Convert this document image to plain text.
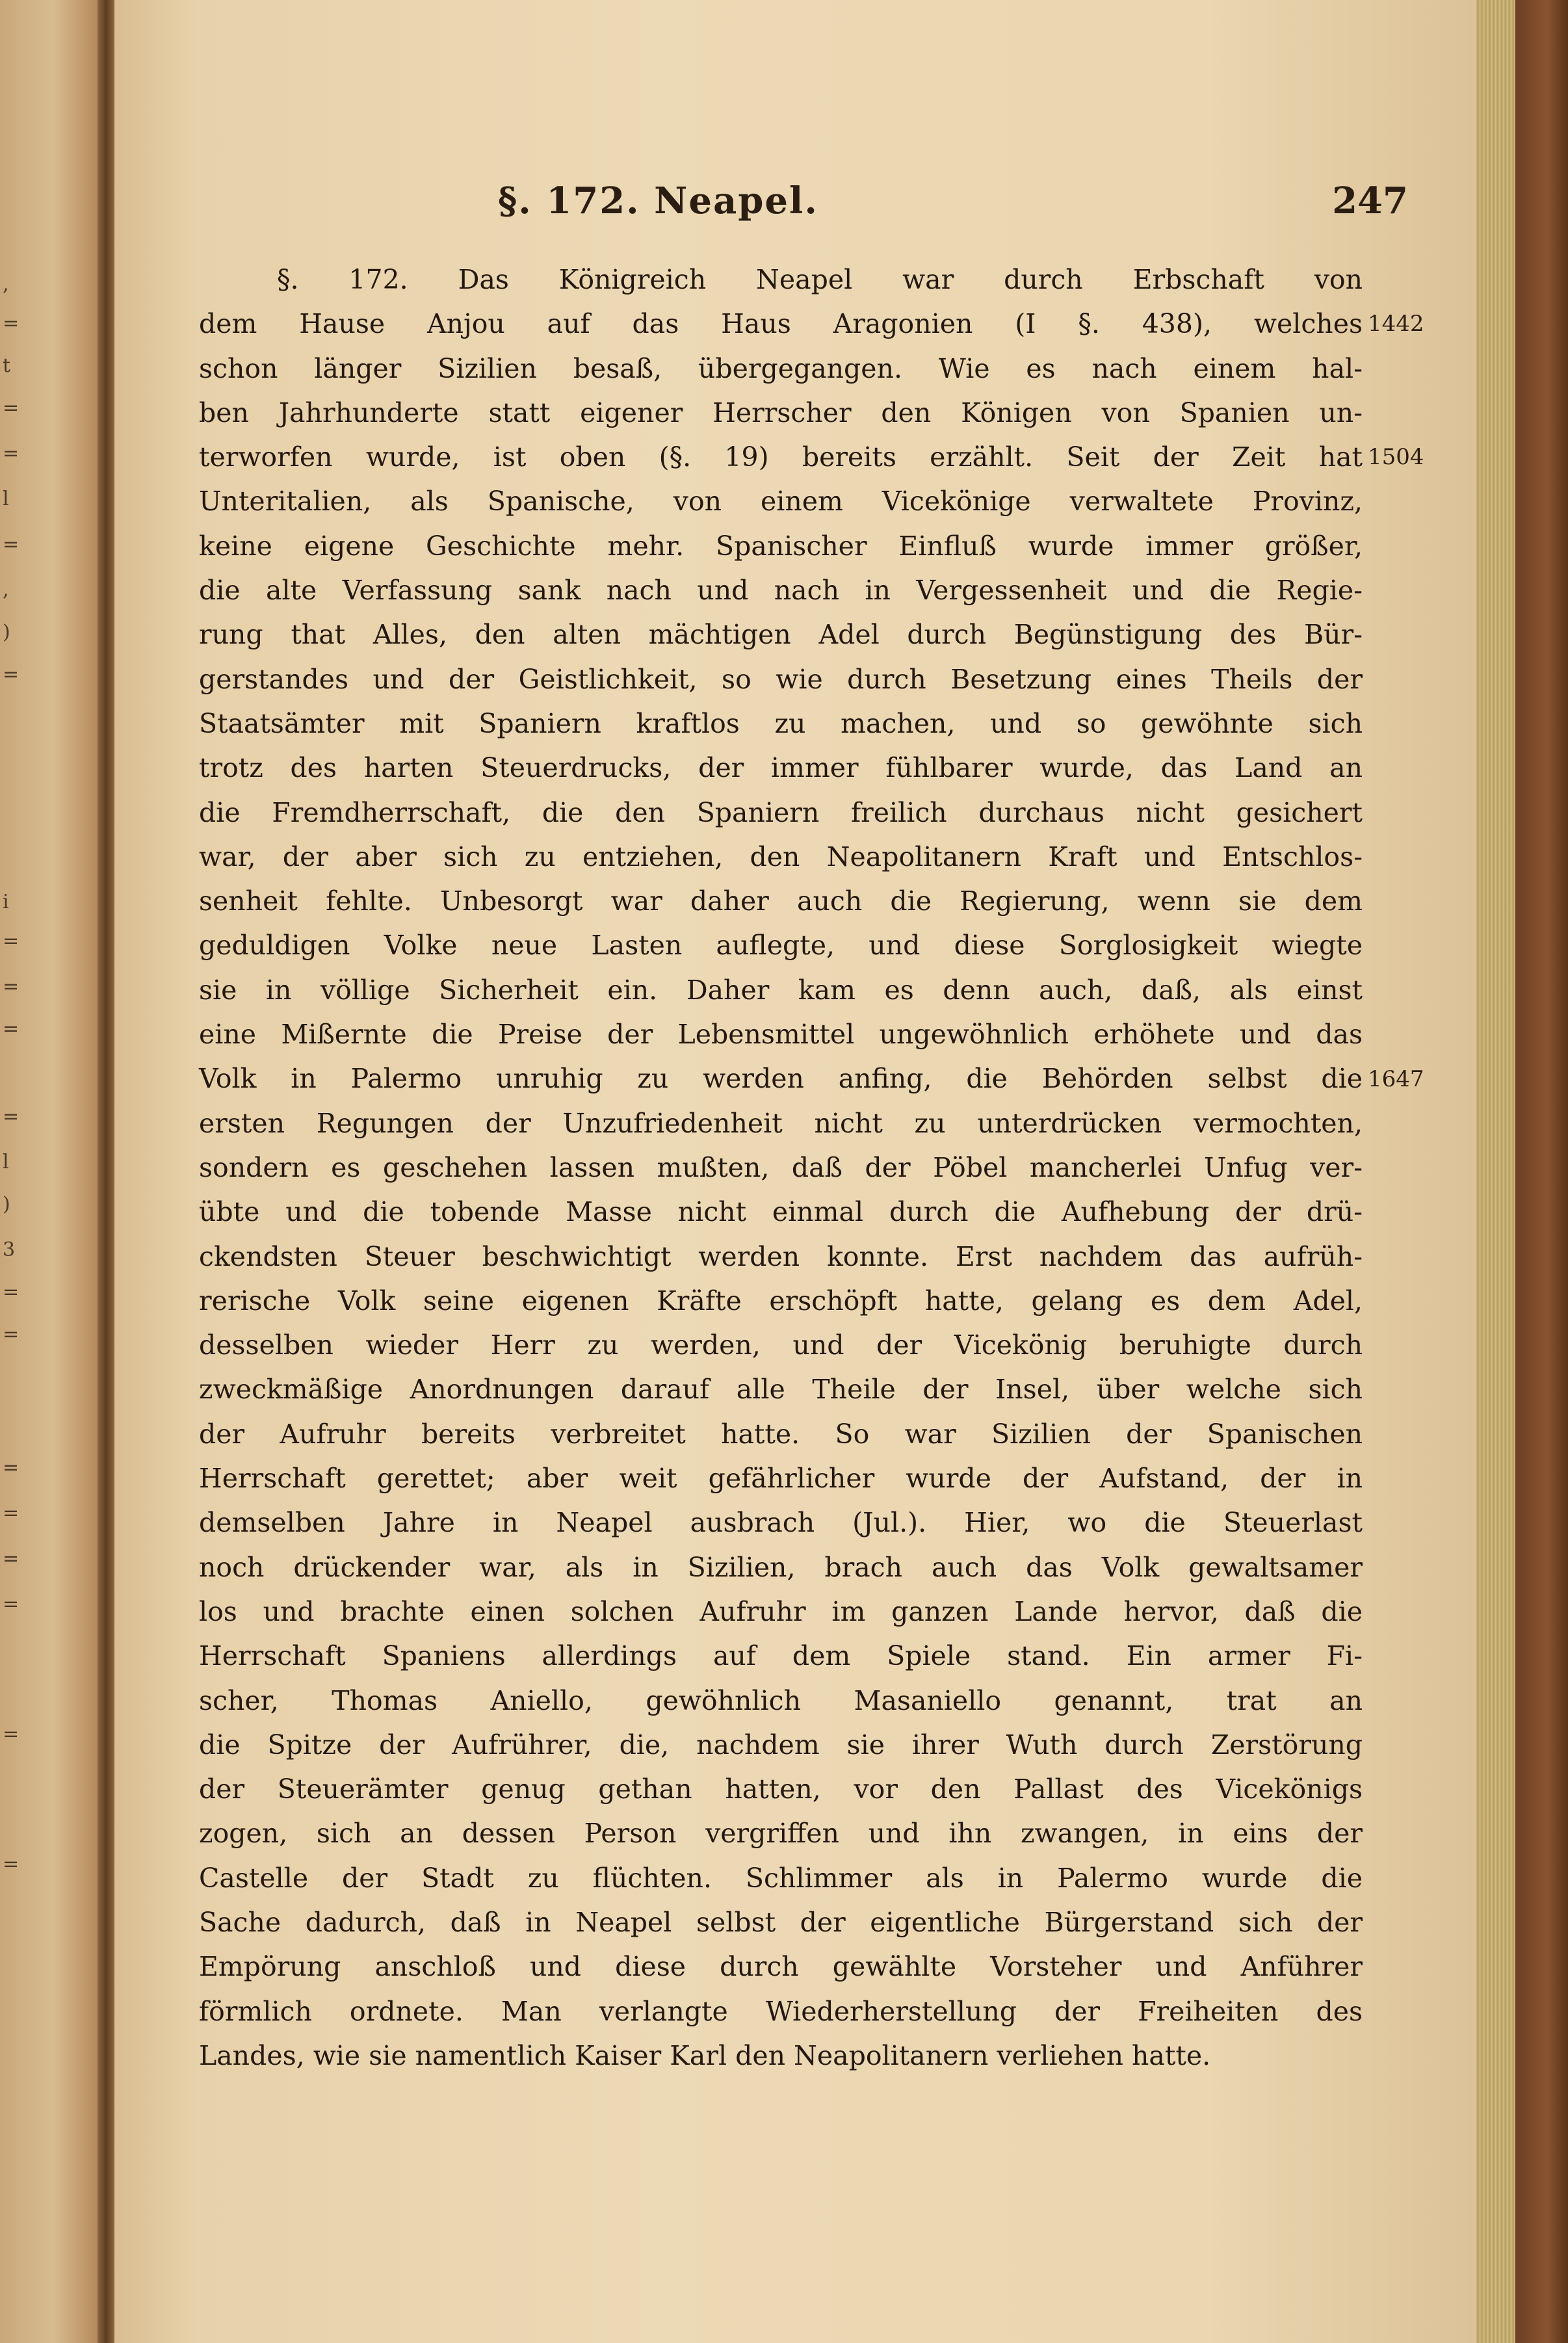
,
=
t
=
=
l
=
,
)
=
i
=
=
=
=
l
)
3
=
=
=
=
=
=
=
=
§. 172. Neapel.	247
§. 172. Das Königreich Neapel war durch Erbschaft von
dem Hause Anjou auf das Haus Aragonien (I §. 438), welches
schon länger Sizilien besaß, übergegangen. Wie es nach einem hal-
ben Jahrhunderte statt eigener Herrscher den Königen von Spanien un-
terworfen wurde, ist oben (§. 19) bereits erzählt. Seit der Zeit hat
Unteritalien, als Spanische, von einem Vicekönige verwaltete Provinz,
keine eigene Geschichte mehr. Spanischer Einfluß wurde immer größer,
die alte Verfassung sank nach und nach in Vergessenheit und die Regie-
rung that Alles, den alten mächtigen Adel durch Begünstigung des Bür-
gerstandes und der Geistlichkeit, so wie durch Besetzung eines Theils der
Staatsämter mit Spaniern kraftlos zu machen, und so gewöhnte sich
trotz des harten Steuerdrucks, der immer fühlbarer wurde, das Land an
die Fremdherrschaft, die den Spaniern freilich durchaus nicht gesichert
war, der aber sich zu entziehen, den Neapolitanern Kraft und Entschlos-
senheit fehlte. Unbesorgt war daher auch die Regierung, wenn sie dem
geduldigen Volke neue Lasten auflegte, und diese Sorglosigkeit wiegte
sie in völlige Sicherheit ein. Daher kam es denn auch, daß, als einst
eine Mißernte die Preise der Lebensmittel ungewöhnlich erhöhete und das
Volk in Palermo unruhig zu werden anfing, die Behörden selbst die
ersten Regungen der Unzufriedenheit nicht zu unterdrücken vermochten,
sondern es geschehen lassen mußten, daß der Pöbel mancherlei Unfug ver-
übte und die tobende Masse nicht einmal durch die Aufhebung der drü-
ckendsten Steuer beschwichtigt werden konnte. Erst nachdem das aufrüh-
rerische Volk seine eigenen Kräfte erschöpft hatte, gelang es dem Adel,
desselben wieder Herr zu werden, und der Vicekönig beruhigte durch
zweckmäßige Anordnungen darauf alle Theile der Insel, über welche sich
der Aufruhr bereits verbreitet hatte. So war Sizilien der Spanischen
Herrschaft gerettet; aber weit gefährlicher wurde der Aufstand, der in
demselben Jahre in Neapel ausbrach (Jul.). Hier, wo die Steuerlast
noch drückender war, als in Sizilien, brach auch das Volk gewaltsamer
los und brachte einen solchen Aufruhr im ganzen Lande hervor, daß die
Herrschaft Spaniens allerdings auf dem Spiele stand. Ein armer Fi-
scher, Thomas Aniello, gewöhnlich Masaniello genannt, trat an
die Spitze der Aufrührer, die, nachdem sie ihrer Wuth durch Zerstörung
der Steuerämter genug gethan hatten, vor den Pallast des Vicekönigs
zogen, sich an dessen Person vergriffen und ihn zwangen, in eins der
Castelle der Stadt zu flüchten. Schlimmer als in Palermo wurde die
Sache dadurch, daß in Neapel selbst der eigentliche Bürgerstand sich der
Empörung anschloß und diese durch gewählte Vorsteher und Anführer
förmlich ordnete. Man verlangte Wiederherstellung der Freiheiten des
Landes, wie sie namentlich Kaiser Karl den Neapolitanern verliehen hatte.
1442
1504
1647
